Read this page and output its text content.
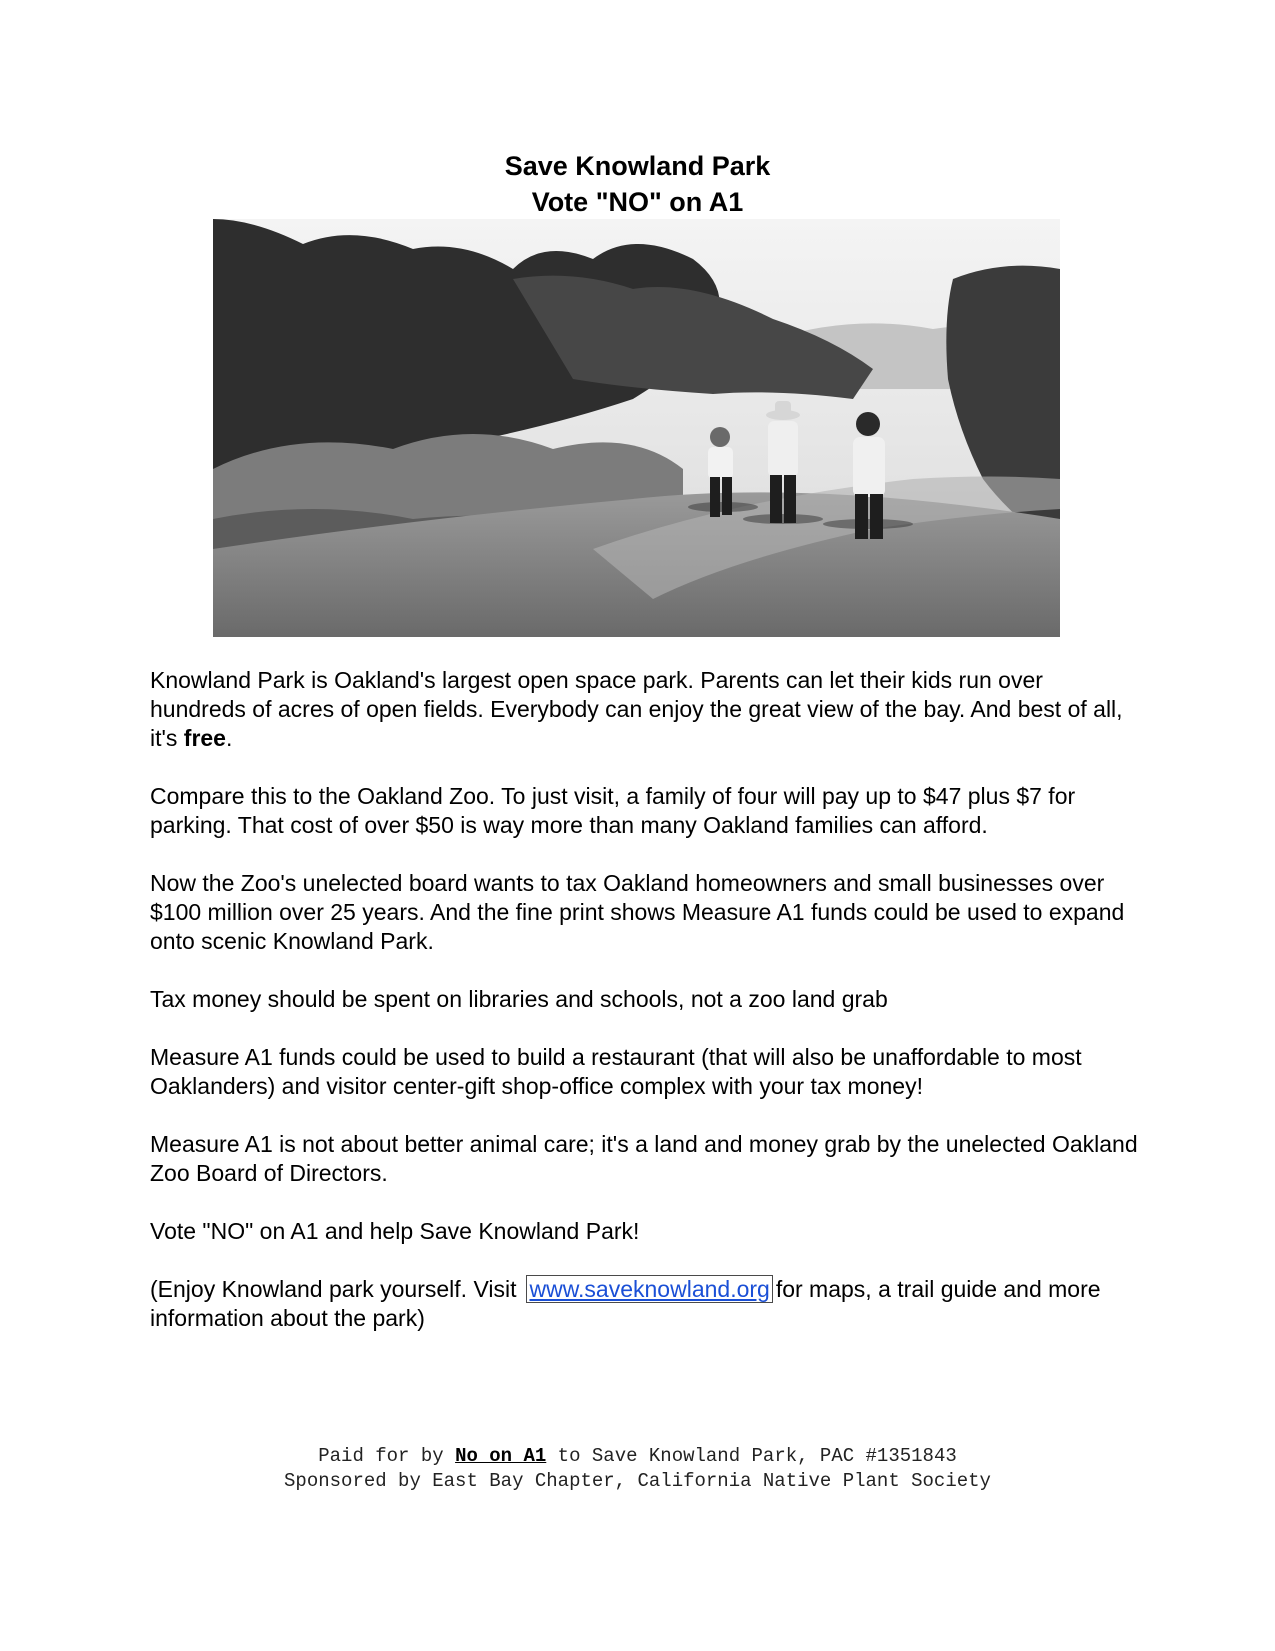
Save Knowland Park
Vote "NO" on A1

Knowland Park is Oakland's largest open space park. Parents can let their kids run over hundreds of acres of open fields. Everybody can enjoy the great view of the bay. And best of all, it's free.

Compare this to the Oakland Zoo. To just visit, a family of four will pay up to $47 plus $7 for parking. That cost of over $50 is way more than many Oakland families can afford.

Now the Zoo's unelected board wants to tax Oakland homeowners and small businesses over $100 million over 25 years. And the fine print shows Measure A1 funds could be used to expand onto scenic Knowland Park.

Tax money should be spent on libraries and schools, not a zoo land grab

Measure A1 funds could be used to build a restaurant (that will also be unaffordable to most Oaklanders) and visitor center-gift shop-office complex with your tax money!

Measure A1 is not about better animal care; it's a land and money grab by the unelected Oakland Zoo Board of Directors.

Vote "NO" on A1 and help Save Knowland Park!

(Enjoy Knowland park yourself. Visit www.saveknowland.org for maps, a trail guide and more information about the park)

Paid for by No on A1 to Save Knowland Park, PAC #1351843
Sponsored by East Bay Chapter, California Native Plant Society
